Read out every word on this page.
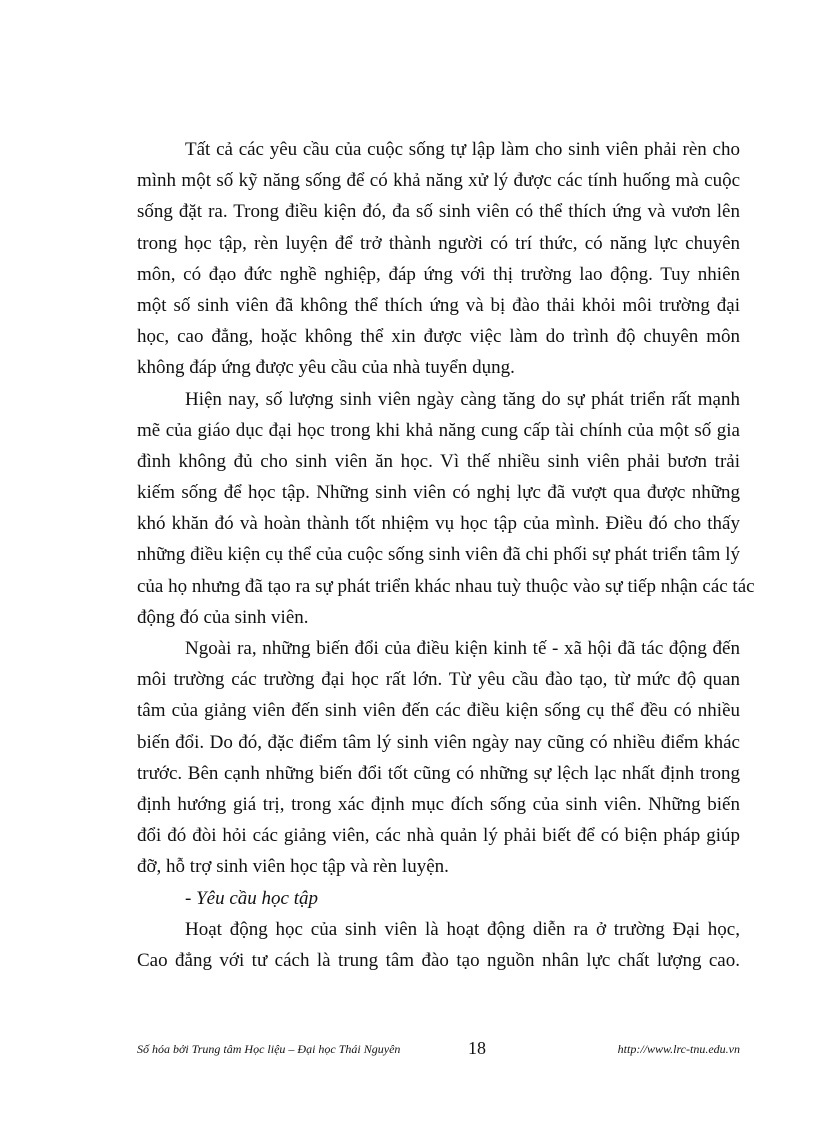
Tất cả các yêu cầu của cuộc sống tự lập làm cho sinh viên phải rèn cho
mình một số kỹ năng sống để có khả năng xử lý được các tính huống mà cuộc
sống đặt ra. Trong điều kiện đó, đa số sinh viên có thể thích ứng và vươn lên
trong học tập, rèn luyện để trở thành người có trí thức, có năng lực chuyên
môn, có đạo đức nghề nghiệp, đáp ứng với thị trường lao động. Tuy nhiên
một số sinh viên đã không thể thích ứng và bị đào thải khỏi môi trường đại
học, cao đẳng, hoặc không thể xin được việc làm do trình độ chuyên môn
không đáp ứng được yêu cầu của nhà tuyển dụng.
Hiện nay, số lượng sinh viên ngày càng tăng do sự phát triển rất mạnh
mẽ của giáo dục đại học trong khi khả năng cung cấp tài chính của một số gia
đình không đủ cho sinh viên ăn học. Vì thế nhiều sinh viên phải bươn trải
kiếm sống để học tập. Những sinh viên có nghị lực đã vượt qua được những
khó khăn đó và hoàn thành tốt nhiệm vụ học tập của mình. Điều đó cho thấy
những điều kiện cụ thể của cuộc sống sinh viên đã chi phối sự phát triển tâm lý
của họ nhưng đã tạo ra sự phát triển khác nhau tuỳ thuộc vào sự tiếp nhận các tác
động đó của sinh viên.
Ngoài ra, những biến đổi của điều kiện kinh tế - xã hội đã tác động đến
môi trường các trường đại học rất lớn. Từ yêu cầu đào tạo, từ mức độ quan
tâm của giảng viên đến sinh viên đến các điều kiện sống cụ thể đều có nhiều
biến đổi. Do đó, đặc điểm tâm lý sinh viên ngày nay cũng có nhiều điểm khác
trước. Bên cạnh những biến đổi tốt cũng có những sự lệch lạc nhất định trong
định hướng giá trị, trong xác định mục đích sống của sinh viên. Những biến
đổi đó đòi hỏi các giảng viên, các nhà quản lý phải biết để có biện pháp giúp
đỡ, hỗ trợ sinh viên học tập và rèn luyện.
- Yêu cầu học tập
Hoạt động học của sinh viên là hoạt động diễn ra ở trường Đại học,
Cao đẳng với tư cách là trung tâm đào tạo nguồn nhân lực chất lượng cao.
Số hóa bởi Trung tâm Học liệu – Đại học Thái Nguyên	18	http://www.lrc-tnu.edu.vn
